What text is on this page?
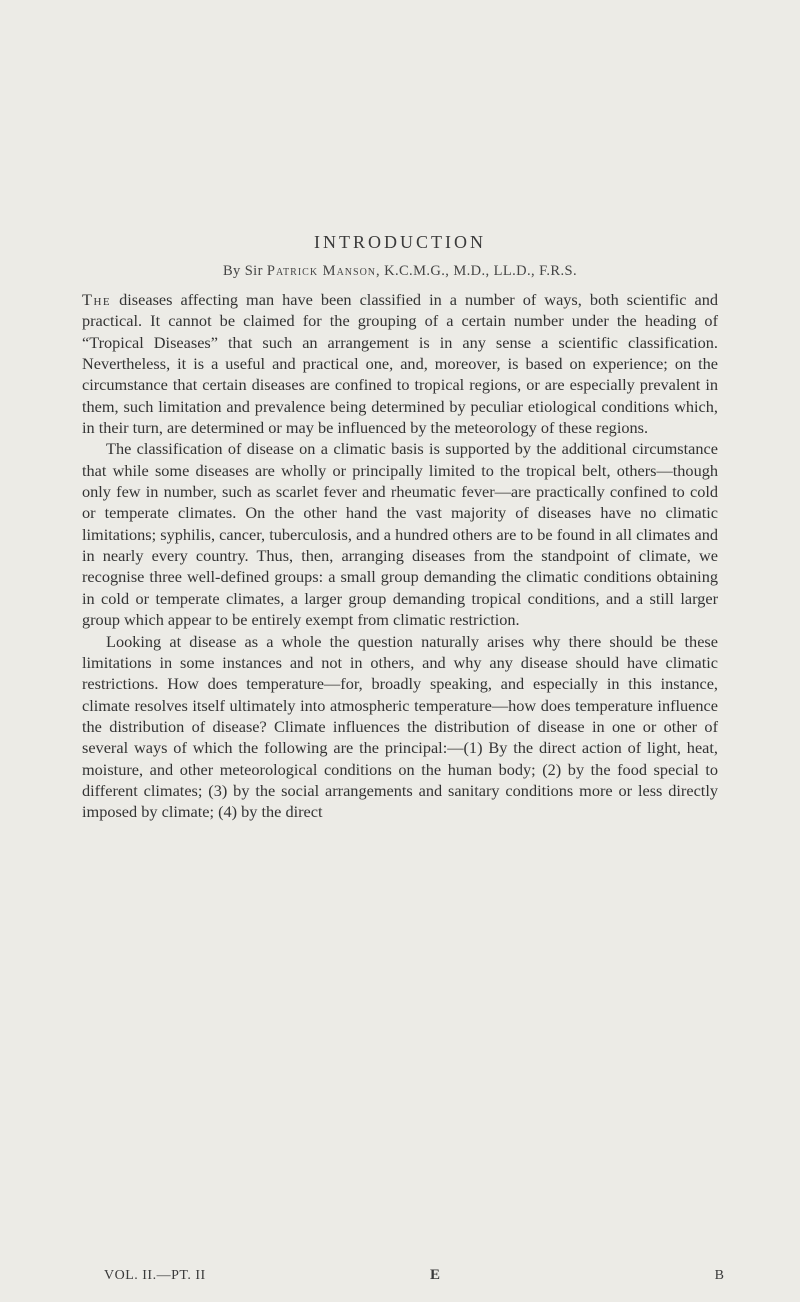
INTRODUCTION
By Sir Patrick Manson, K.C.M.G., M.D., LL.D., F.R.S.

The diseases affecting man have been classified in a number of ways, both scientific and practical. It cannot be claimed for the grouping of a certain number under the heading of “Tropical Diseases” that such an arrangement is in any sense a scientific classification. Nevertheless, it is a useful and practical one, and, moreover, is based on experience; on the circumstance that certain diseases are confined to tropical regions, or are especially prevalent in them, such limitation and prevalence being determined by peculiar etiological conditions which, in their turn, are determined or may be influenced by the meteorology of these regions.

The classification of disease on a climatic basis is supported by the additional circumstance that while some diseases are wholly or principally limited to the tropical belt, others—though only few in number, such as scarlet fever and rheumatic fever—are practically confined to cold or temperate climates. On the other hand the vast majority of diseases have no climatic limitations; syphilis, cancer, tuberculosis, and a hundred others are to be found in all climates and in nearly every country. Thus, then, arranging diseases from the standpoint of climate, we recognise three well-defined groups: a small group demanding the climatic conditions obtaining in cold or temperate climates, a larger group demanding tropical conditions, and a still larger group which appear to be entirely exempt from climatic restriction.

Looking at disease as a whole the question naturally arises why there should be these limitations in some instances and not in others, and why any disease should have climatic restrictions. How does temperature—for, broadly speaking, and especially in this instance, climate resolves itself ultimately into atmospheric temperature—how does temperature influence the distribution of disease? Climate influences the distribution of disease in one or other of several ways of which the following are the principal:—(1) By the direct action of light, heat, moisture, and other meteorological conditions on the human body; (2) by the food special to different climates; (3) by the social arrangements and sanitary conditions more or less directly imposed by climate; (4) by the direct

VOL. II.—PT. II	E	B
